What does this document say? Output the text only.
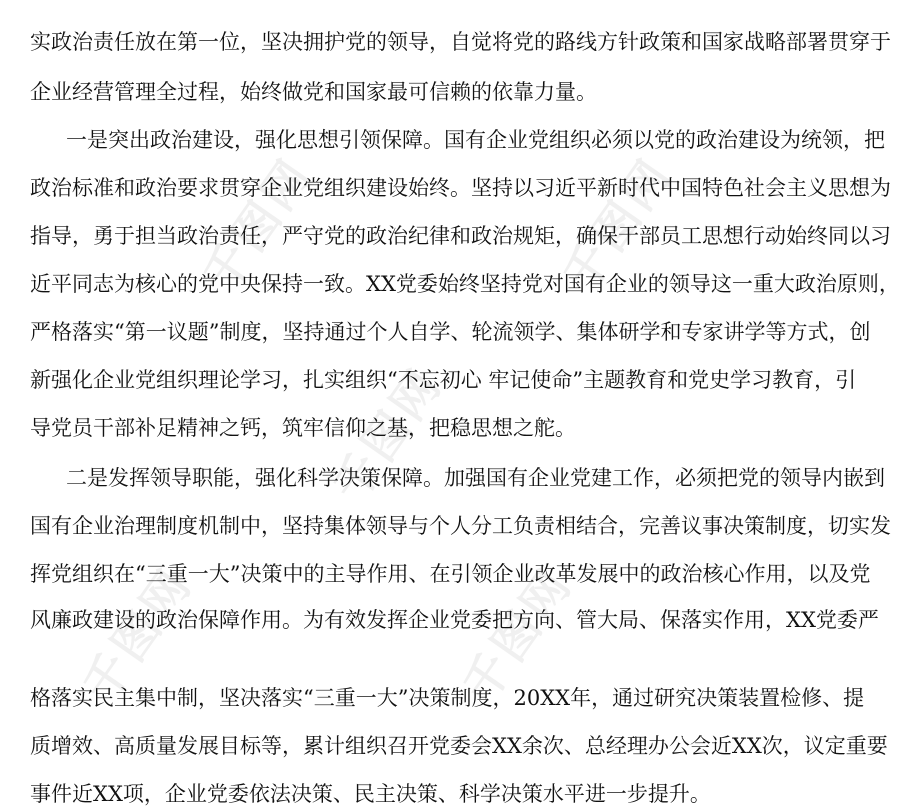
千图网	千图网
千图网	千图网
千图网
实政治责任放在第一位，坚决拥护党的领导，自觉将党的路线方针政策和国家战略部署贯穿于
企业经营管理全过程，始终做党和国家最可信赖的依靠力量。
一是突出政治建设，强化思想引领保障。国有企业党组织必须以党的政治建设为统领，把
政治标准和政治要求贯穿企业党组织建设始终。坚持以习近平新时代中国特色社会主义思想为
指导，勇于担当政治责任，严守党的政治纪律和政治规矩，确保干部员工思想行动始终同以习
近平同志为核心的党中央保持一致。XX党委始终坚持党对国有企业的领导这一重大政治原则，
严格落实“第一议题”制度，坚持通过个人自学、轮流领学、集体研学和专家讲学等方式，创
新强化企业党组织理论学习，扎实组织“不忘初心 牢记使命”主题教育和党史学习教育，引
导党员干部补足精神之钙，筑牢信仰之基，把稳思想之舵。
二是发挥领导职能，强化科学决策保障。加强国有企业党建工作，必须把党的领导内嵌到
国有企业治理制度机制中，坚持集体领导与个人分工负责相结合，完善议事决策制度，切实发
挥党组织在“三重一大”决策中的主导作用、在引领企业改革发展中的政治核心作用，以及党
风廉政建设的政治保障作用。为有效发挥企业党委把方向、管大局、保落实作用，XX党委严
格落实民主集中制，坚决落实“三重一大”决策制度，20XX年，通过研究决策装置检修、提
质增效、高质量发展目标等，累计组织召开党委会XX余次、总经理办公会近XX次，议定重要
事件近XX项，企业党委依法决策、民主决策、科学决策水平进一步提升。
